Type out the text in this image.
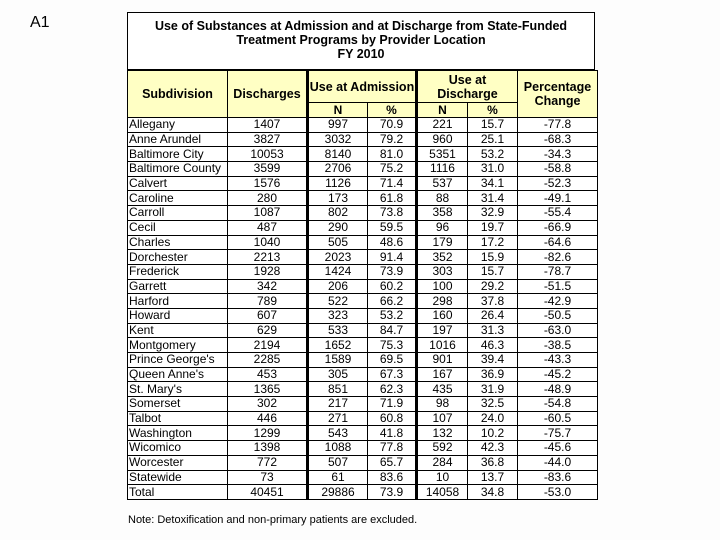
A1	Use of Substances at Admission and at Discharge from State-Funded
Treatment Programs by Provider Location
FY 2010
Subdivision	Discharges	Use at Admission		Use at Discharge		Percentage Change
		N	%	N	%	
Allegany	1407	997	70.9	221	15.7	-77.8
Anne Arundel	3827	3032	79.2	960	25.1	-68.3
Baltimore City	10053	8140	81.0	5351	53.2	-34.3
Baltimore County	3599	2706	75.2	1116	31.0	-58.8
Calvert	1576	1126	71.4	537	34.1	-52.3
Caroline	280	173	61.8	88	31.4	-49.1
Carroll	1087	802	73.8	358	32.9	-55.4
Cecil	487	290	59.5	96	19.7	-66.9
Charles	1040	505	48.6	179	17.2	-64.6
Dorchester	2213	2023	91.4	352	15.9	-82.6
Frederick	1928	1424	73.9	303	15.7	-78.7
Garrett	342	206	60.2	100	29.2	-51.5
Harford	789	522	66.2	298	37.8	-42.9
Howard	607	323	53.2	160	26.4	-50.5
Kent	629	533	84.7	197	31.3	-63.0
Montgomery	2194	1652	75.3	1016	46.3	-38.5
Prince George's	2285	1589	69.5	901	39.4	-43.3
Queen Anne's	453	305	67.3	167	36.9	-45.2
St. Mary's	1365	851	62.3	435	31.9	-48.9
Somerset	302	217	71.9	98	32.5	-54.8
Talbot	446	271	60.8	107	24.0	-60.5
Washington	1299	543	41.8	132	10.2	-75.7
Wicomico	1398	1088	77.8	592	42.3	-45.6
Worcester	772	507	65.7	284	36.8	-44.0
Statewide	73	61	83.6	10	13.7	-83.6
Total	40451	29886	73.9	14058	34.8	-53.0
Note: Detoxification and non-primary patients are excluded.
